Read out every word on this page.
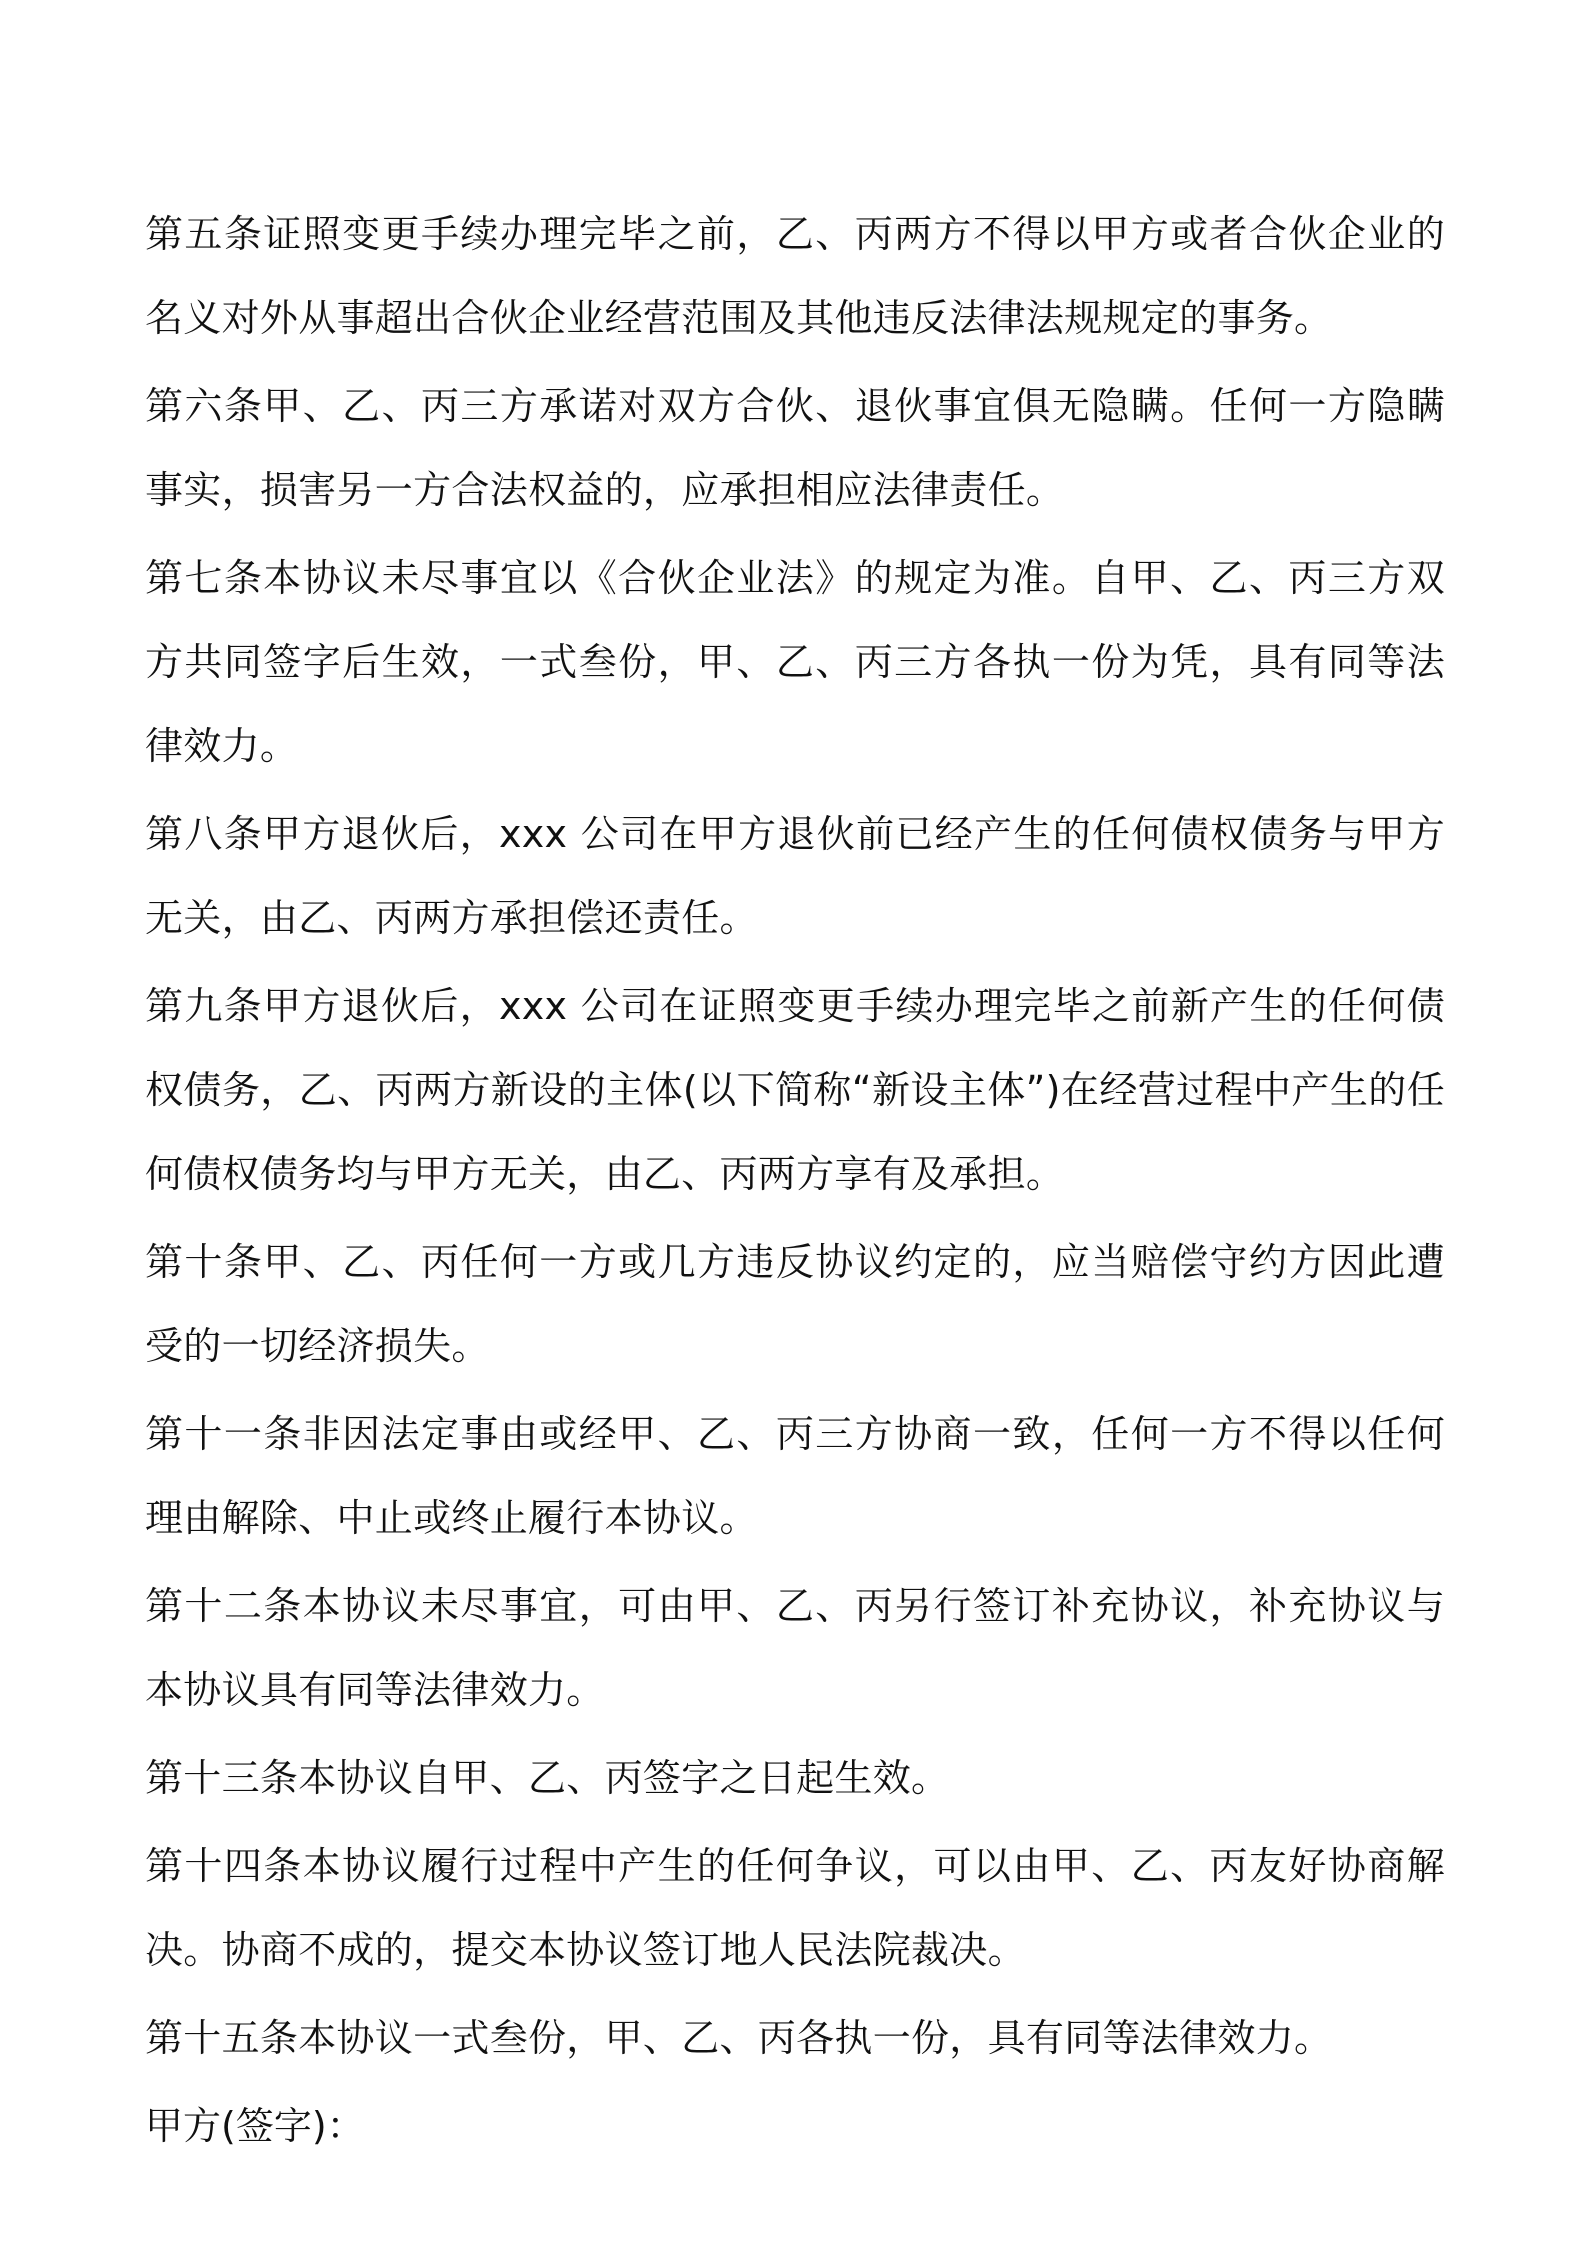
第五条证照变更手续办理完毕之前，乙、丙两方不得以甲方或者合伙企业的名义对外从事超出合伙企业经营范围及其他违反法律法规规定的事务。

第六条甲、乙、丙三方承诺对双方合伙、退伙事宜俱无隐瞒。任何一方隐瞒事实，损害另一方合法权益的，应承担相应法律责任。

第七条本协议未尽事宜以《合伙企业法》的规定为准。自甲、乙、丙三方双方共同签字后生效，一式叁份，甲、乙、丙三方各执一份为凭，具有同等法律效力。

第八条甲方退伙后，xxx 公司在甲方退伙前已经产生的任何债权债务与甲方无关，由乙、丙两方承担偿还责任。

第九条甲方退伙后，xxx 公司在证照变更手续办理完毕之前新产生的任何债权债务，乙、丙两方新设的主体(以下简称“新设主体”)在经营过程中产生的任何债权债务均与甲方无关，由乙、丙两方享有及承担。

第十条甲、乙、丙任何一方或几方违反协议约定的，应当赔偿守约方因此遭受的一切经济损失。

第十一条非因法定事由或经甲、乙、丙三方协商一致，任何一方不得以任何理由解除、中止或终止履行本协议。

第十二条本协议未尽事宜，可由甲、乙、丙另行签订补充协议，补充协议与本协议具有同等法律效力。

第十三条本协议自甲、乙、丙签字之日起生效。

第十四条本协议履行过程中产生的任何争议，可以由甲、乙、丙友好协商解决。协商不成的，提交本协议签订地人民法院裁决。

第十五条本协议一式叁份，甲、乙、丙各执一份，具有同等法律效力。

甲方(签字)：
